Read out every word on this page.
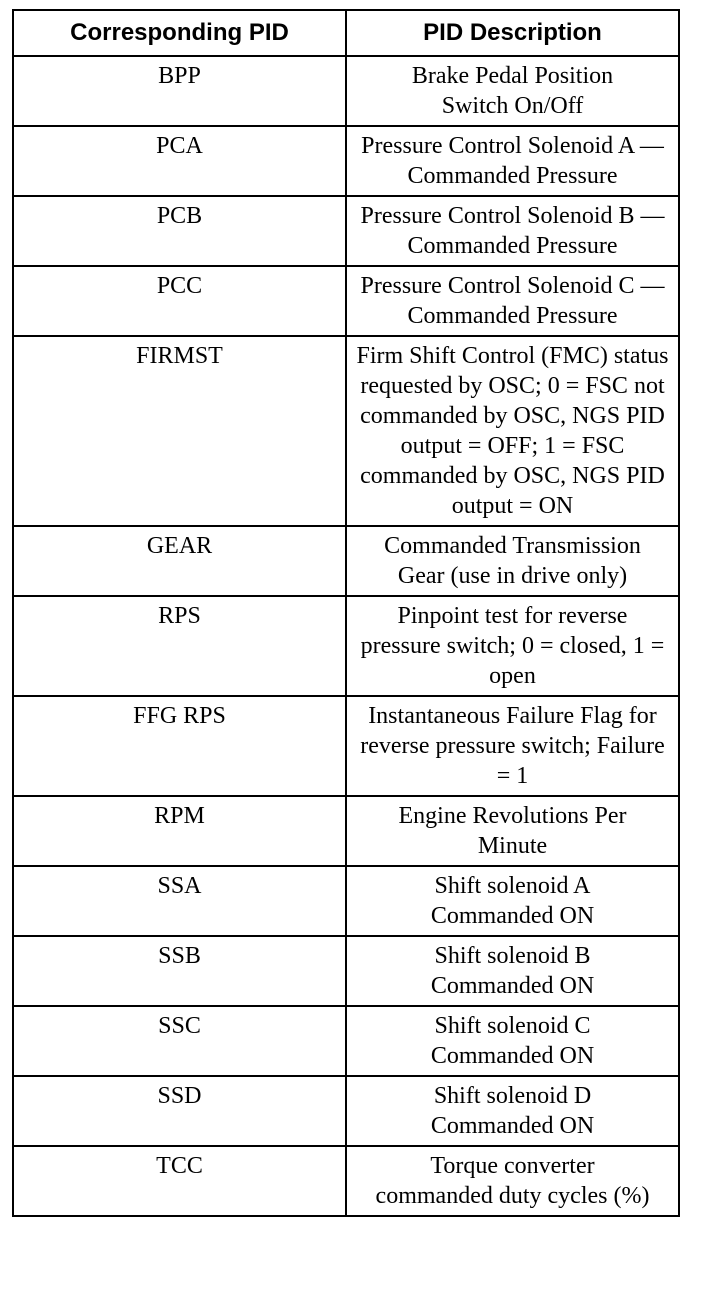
Corresponding PID	PID Description
BPP	Brake Pedal Position Switch On/Off
PCA	Pressure Control Solenoid A — Commanded Pressure
PCB	Pressure Control Solenoid B — Commanded Pressure
PCC	Pressure Control Solenoid C — Commanded Pressure
FIRMST	Firm Shift Control (FMC) status requested by OSC; 0 = FSC not commanded by OSC, NGS PID output = OFF; 1 = FSC commanded by OSC, NGS PID output = ON
GEAR	Commanded Transmission Gear (use in drive only)
RPS	Pinpoint test for reverse pressure switch; 0 = closed, 1 = open
FFG RPS	Instantaneous Failure Flag for reverse pressure switch; Failure = 1
RPM	Engine Revolutions Per Minute
SSA	Shift solenoid A Commanded ON
SSB	Shift solenoid B Commanded ON
SSC	Shift solenoid C Commanded ON
SSD	Shift solenoid D Commanded ON
TCC	Torque converter commanded duty cycles (%)
